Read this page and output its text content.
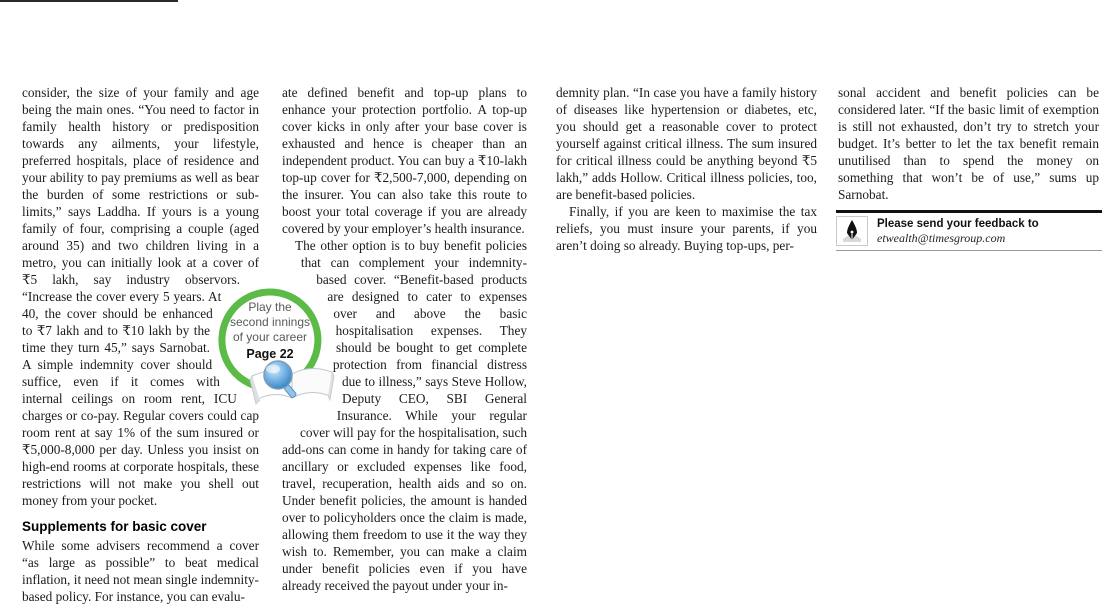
consider, the size of your family and age being the main ones. “You need to factor in family health history or predisposition towards any ailments, your lifestyle, preferred hospitals, place of residence and your ability to pay premiums as well as bear the burden of some restrictions or sub-limits,” says Laddha. If yours is a young family of four, comprising a couple (aged around 35) and two children living in a metro, you can initially look at a cover of ₹5 lakh, say industry observors. “Increase the cover every 5 years. At 40, the cover should be enhanced to ₹7 lakh and to ₹10 lakh by the time they turn 45,” says Sarnobat. A simple indemnity cover should suffice, even if it comes with internal ceilings on room rent, ICU charges or co-pay. Regular covers could cap room rent at say 1% of the sum insured or ₹5,000-8,000 per day. Unless you insist on high-end rooms at corporate hospitals, these restrictions will not make you shell out money from your pocket.

Supplements for basic cover

While some advisers recommend a cover “as large as possible” to beat medical inflation, it need not mean single indemnity-based policy. For instance, you can evalu-

ate defined benefit and top-up plans to enhance your protection portfolio. A top-up cover kicks in only after your base cover is exhausted and hence is cheaper than an independent product. You can buy a ₹10-lakh top-up cover for ₹2,500-7,000, depending on the insurer. You can also take this route to boost your total coverage if you are already covered by your employer’s health insurance.

The other option is to buy benefit policies that can complement your indemnity-based cover. “Benefit-based products are designed to cater to expenses over and above the basic hospitalisation expenses. They should be bought to get complete protection from financial distress due to illness,” says Steve Hollow, Deputy CEO, SBI General Insurance. While your regular cover will pay for the hospitalisation, such add-ons can come in handy for taking care of ancillary or excluded expenses like food, travel, recuperation, health aids and so on. Under benefit policies, the amount is handed over to policyholders once the claim is made, allowing them freedom to use it the way they wish to. Remember, you can make a claim under benefit policies even if you have already received the payout under your in-

demnity plan. “In case you have a family history of diseases like hypertension or diabetes, etc, you should get a reasonable cover to protect yourself against critical illness. The sum insured for critical illness could be anything beyond ₹5 lakh,” adds Hollow. Critical illness policies, too, are benefit-based policies.

Finally, if you are keen to maximise the tax reliefs, you must insure your parents, if you aren’t doing so already. Buying top-ups, per-

sonal accident and benefit policies can be considered later. “If the basic limit of exemption is still not exhausted, don’t try to stretch your budget. It’s better to let the tax benefit remain unutilised than to spend the money on something that won’t be of use,” sums up Sarnobat.

Play the
second innings
of your career
Page 22
Please send your feedback to
etwealth@timesgroup.com
